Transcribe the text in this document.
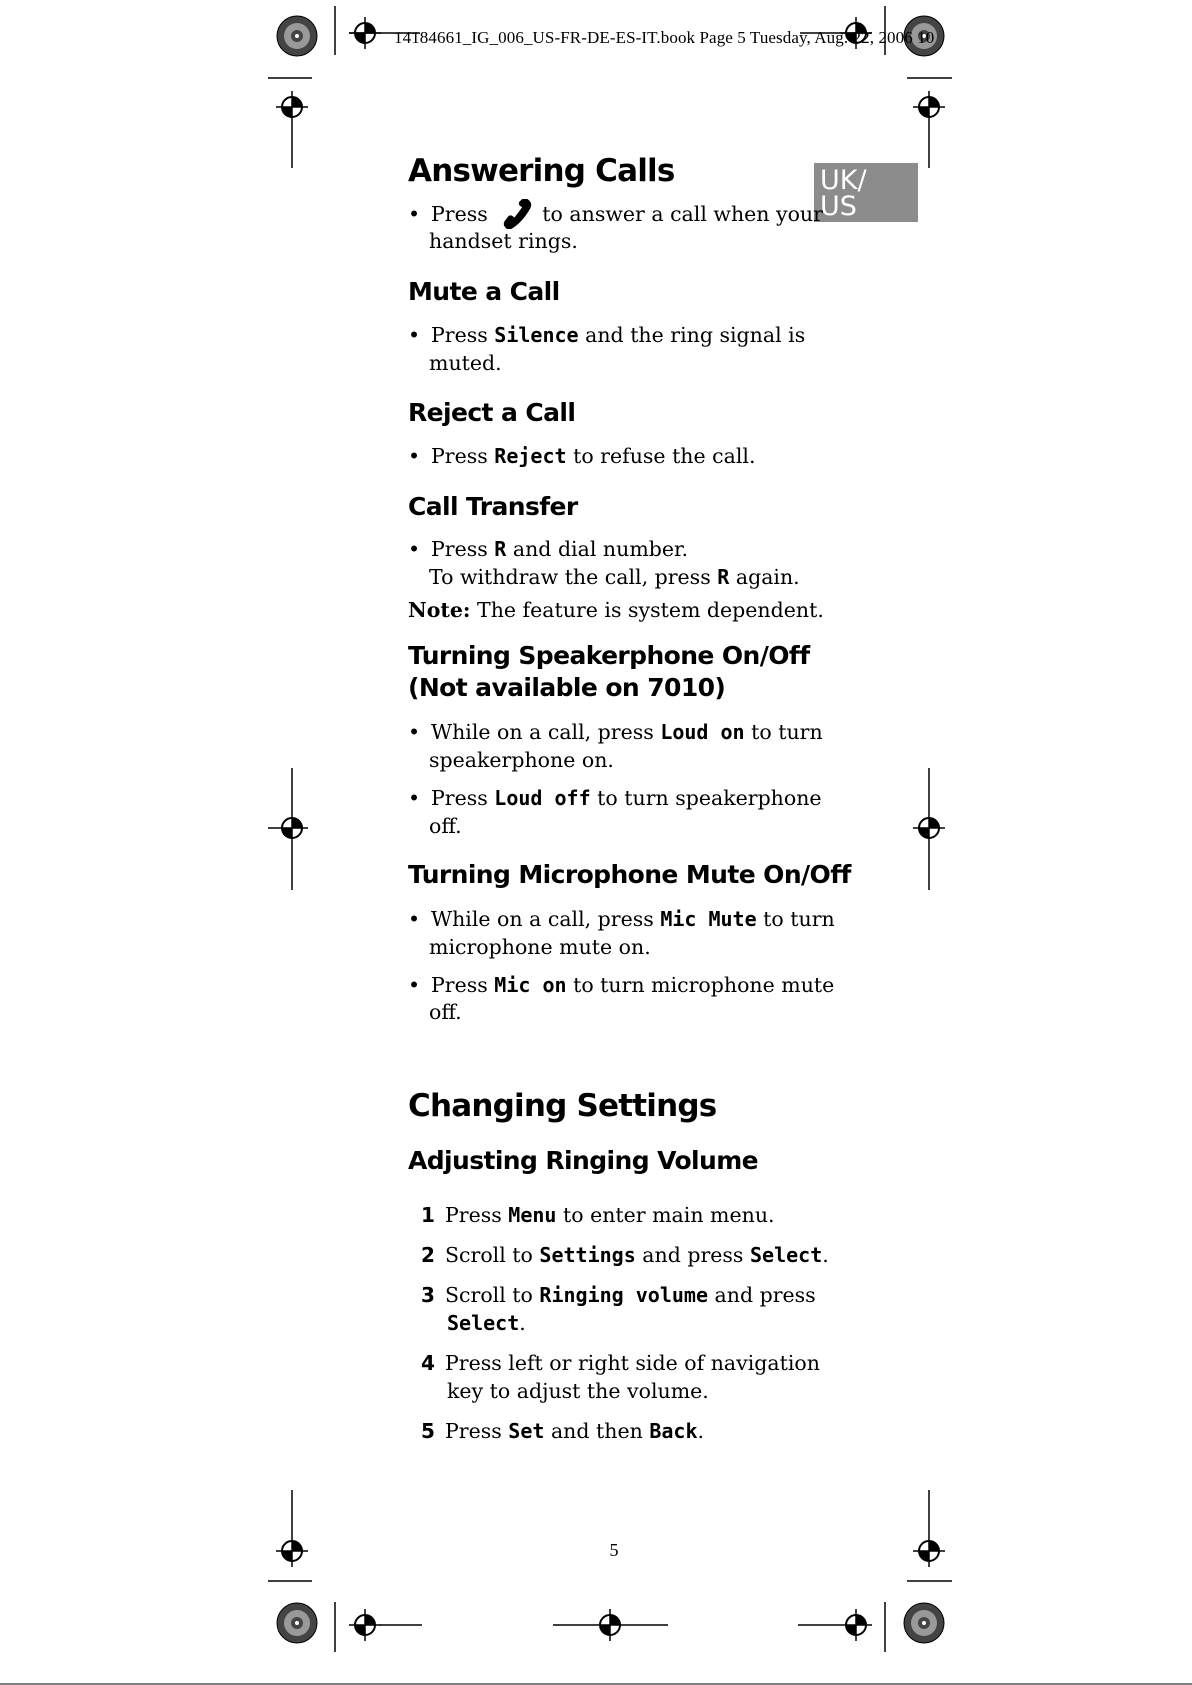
14184661_IG_006_US-FR-DE-ES-IT.book Page 5 Tuesday, Aug. 22, 2006 10
UK/
US
Answering Calls
• Press	to answer a call when your
handset rings.
Mute a Call
• Press Silence and the ring signal is
muted.
Reject a Call
• Press Reject to refuse the call.
Call Transfer
• Press R and dial number.
To withdraw the call, press R again.
Note: The feature is system dependent.
Turning Speakerphone On/Off
(Not available on 7010)
• While on a call, press Loud on to turn
speakerphone on.
• Press Loud off to turn speakerphone
off.
Turning Microphone Mute On/Off
• While on a call, press Mic Mute to turn
microphone mute on.
• Press Mic on to turn microphone mute
off.
Changing Settings
Adjusting Ringing Volume
1 Press Menu to enter main menu.
2 Scroll to Settings and press Select.
3 Scroll to Ringing volume and press
Select.
4 Press left or right side of navigation
key to adjust the volume.
5 Press Set and then Back.
5
